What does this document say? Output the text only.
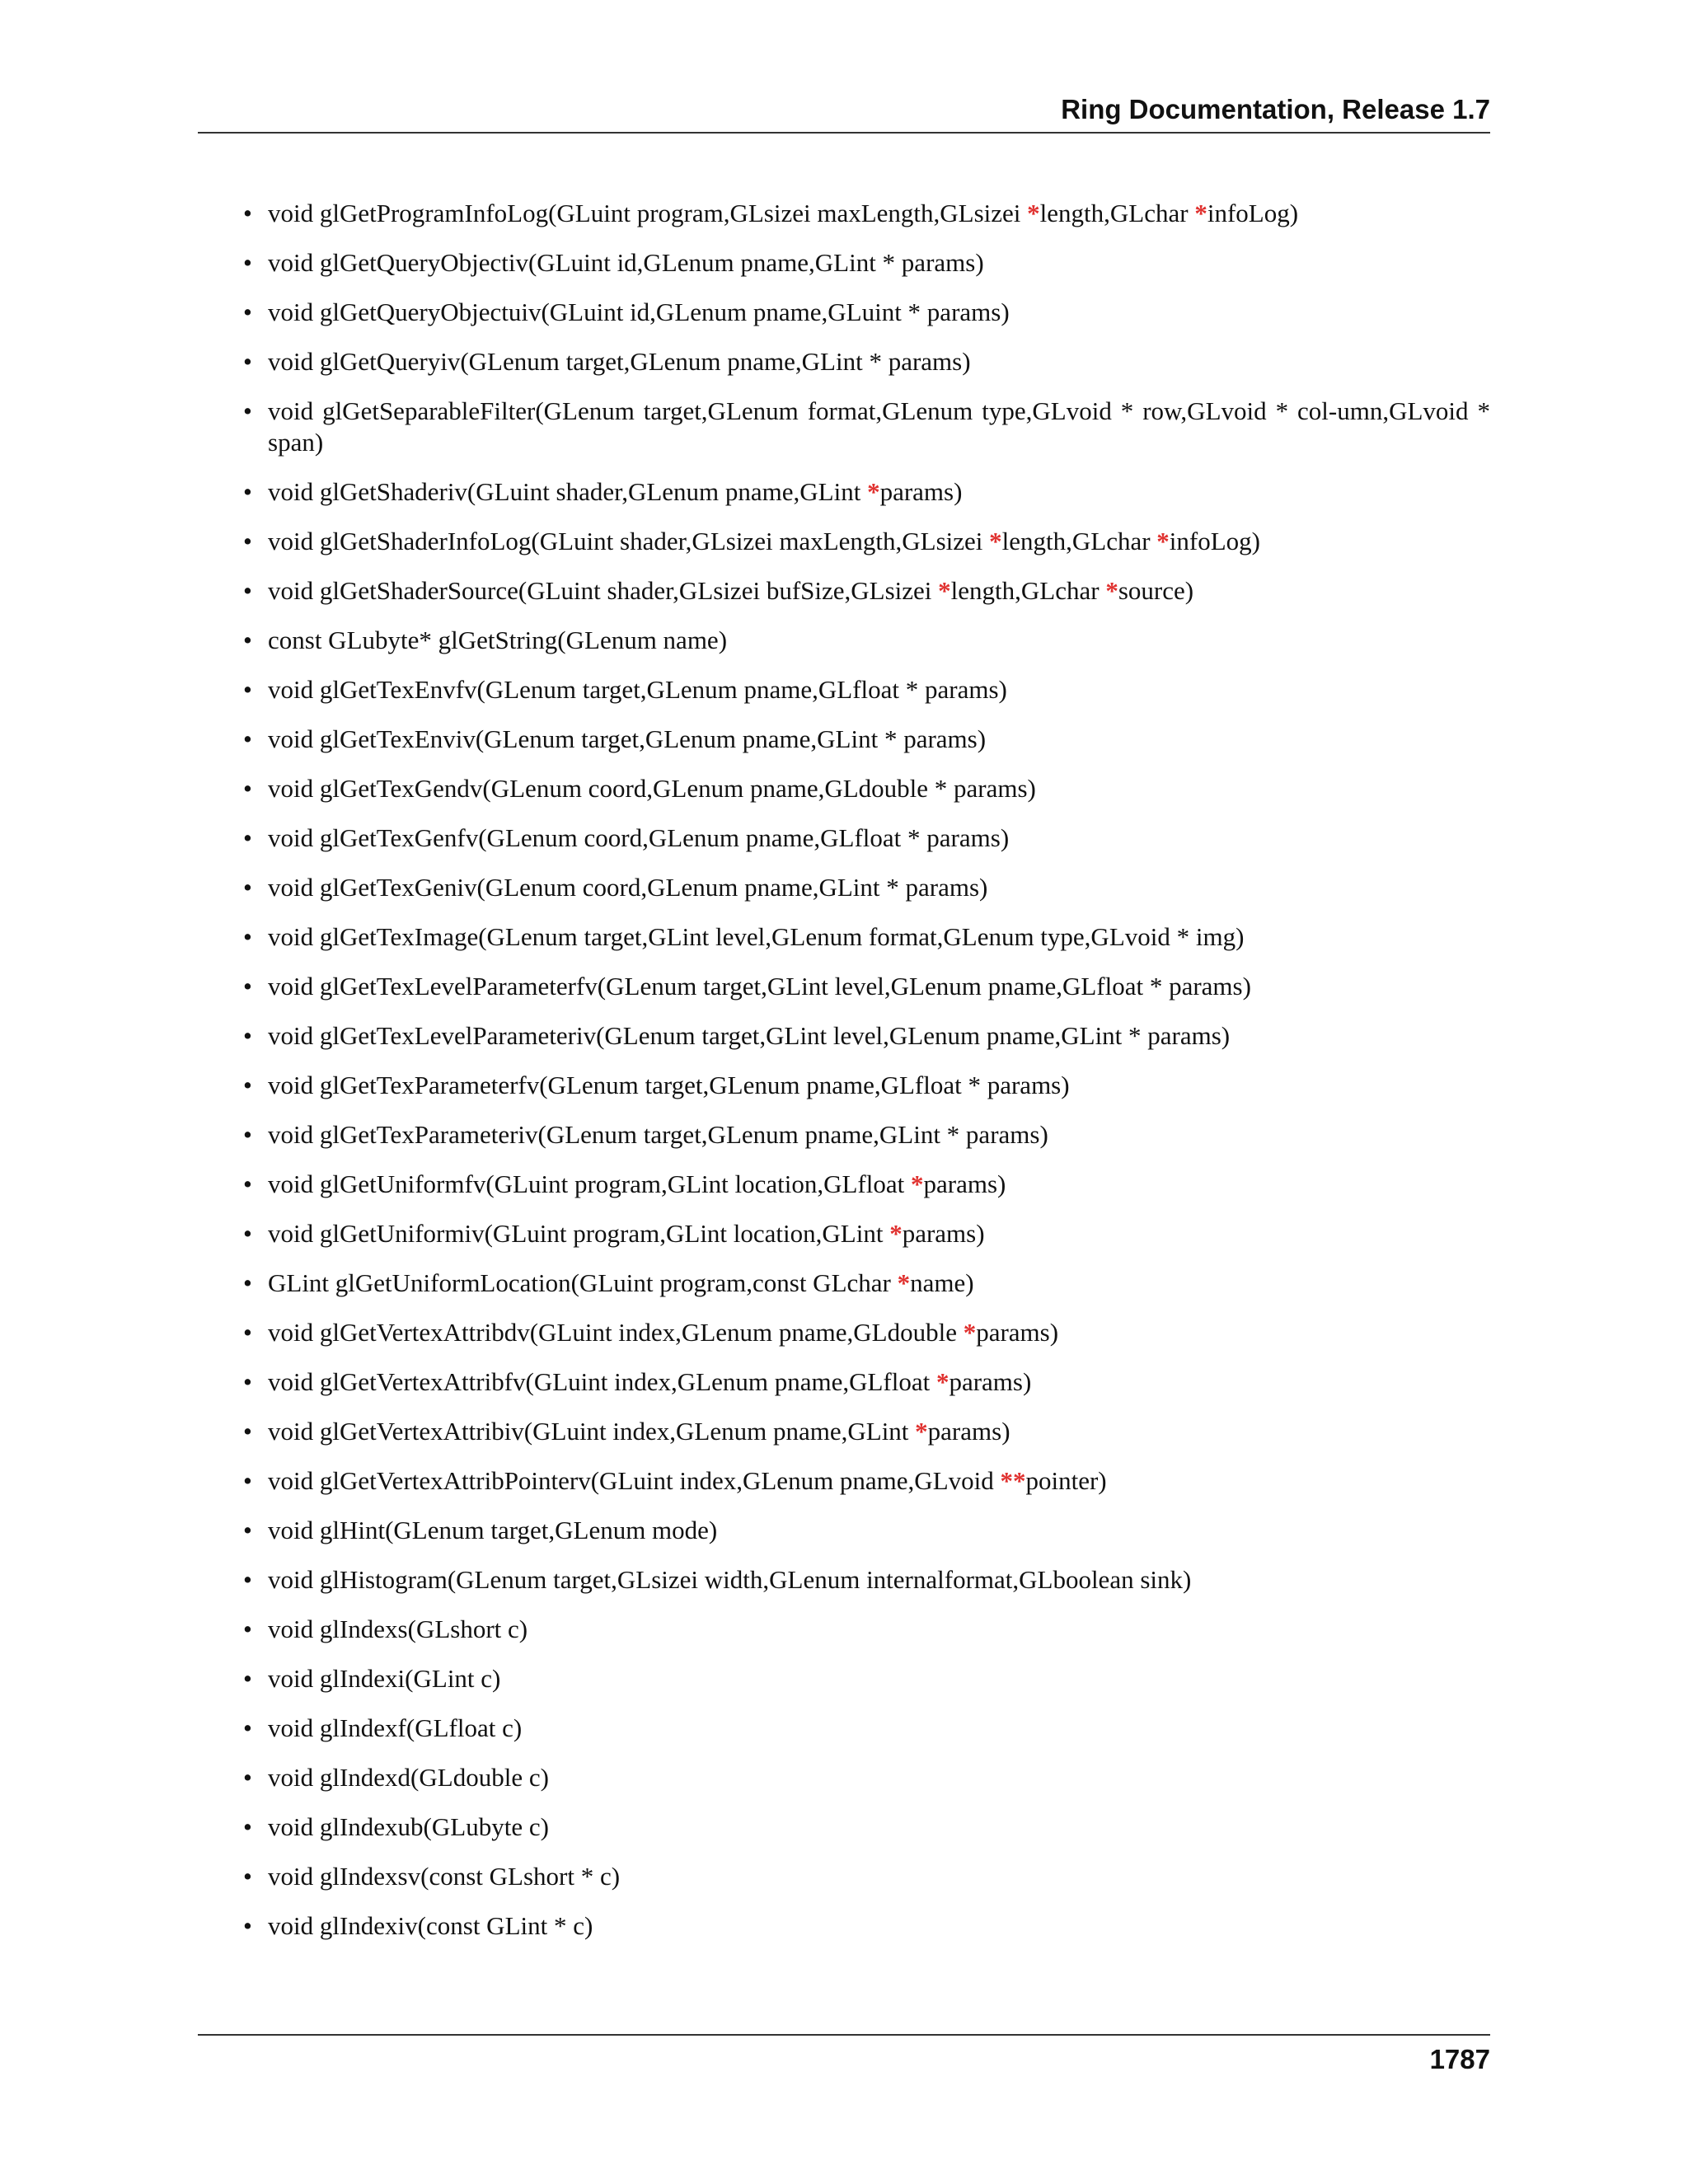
Ring Documentation, Release 1.7
• void glGetProgramInfoLog(GLuint program,GLsizei maxLength,GLsizei *length,GLchar *infoLog)
• void glGetQueryObjectiv(GLuint id,GLenum pname,GLint * params)
• void glGetQueryObjectuiv(GLuint id,GLenum pname,GLuint * params)
• void glGetQueryiv(GLenum target,GLenum pname,GLint * params)
• void glGetSeparableFilter(GLenum target,GLenum format,GLenum type,GLvoid * row,GLvoid * col-umn,GLvoid * span)
• void glGetShaderiv(GLuint shader,GLenum pname,GLint *params)
• void glGetShaderInfoLog(GLuint shader,GLsizei maxLength,GLsizei *length,GLchar *infoLog)
• void glGetShaderSource(GLuint shader,GLsizei bufSize,GLsizei *length,GLchar *source)
• const GLubyte* glGetString(GLenum name)
• void glGetTexEnvfv(GLenum target,GLenum pname,GLfloat * params)
• void glGetTexEnviv(GLenum target,GLenum pname,GLint * params)
• void glGetTexGendv(GLenum coord,GLenum pname,GLdouble * params)
• void glGetTexGenfv(GLenum coord,GLenum pname,GLfloat * params)
• void glGetTexGeniv(GLenum coord,GLenum pname,GLint * params)
• void glGetTexImage(GLenum target,GLint level,GLenum format,GLenum type,GLvoid * img)
• void glGetTexLevelParameterfv(GLenum target,GLint level,GLenum pname,GLfloat * params)
• void glGetTexLevelParameteriv(GLenum target,GLint level,GLenum pname,GLint * params)
• void glGetTexParameterfv(GLenum target,GLenum pname,GLfloat * params)
• void glGetTexParameteriv(GLenum target,GLenum pname,GLint * params)
• void glGetUniformfv(GLuint program,GLint location,GLfloat *params)
• void glGetUniformiv(GLuint program,GLint location,GLint *params)
• GLint glGetUniformLocation(GLuint program,const GLchar *name)
• void glGetVertexAttribdv(GLuint index,GLenum pname,GLdouble *params)
• void glGetVertexAttribfv(GLuint index,GLenum pname,GLfloat *params)
• void glGetVertexAttribiv(GLuint index,GLenum pname,GLint *params)
• void glGetVertexAttribPointerv(GLuint index,GLenum pname,GLvoid **pointer)
• void glHint(GLenum target,GLenum mode)
• void glHistogram(GLenum target,GLsizei width,GLenum internalformat,GLboolean sink)
• void glIndexs(GLshort c)
• void glIndexi(GLint c)
• void glIndexf(GLfloat c)
• void glIndexd(GLdouble c)
• void glIndexub(GLubyte c)
• void glIndexsv(const GLshort * c)
• void glIndexiv(const GLint * c)
1787
